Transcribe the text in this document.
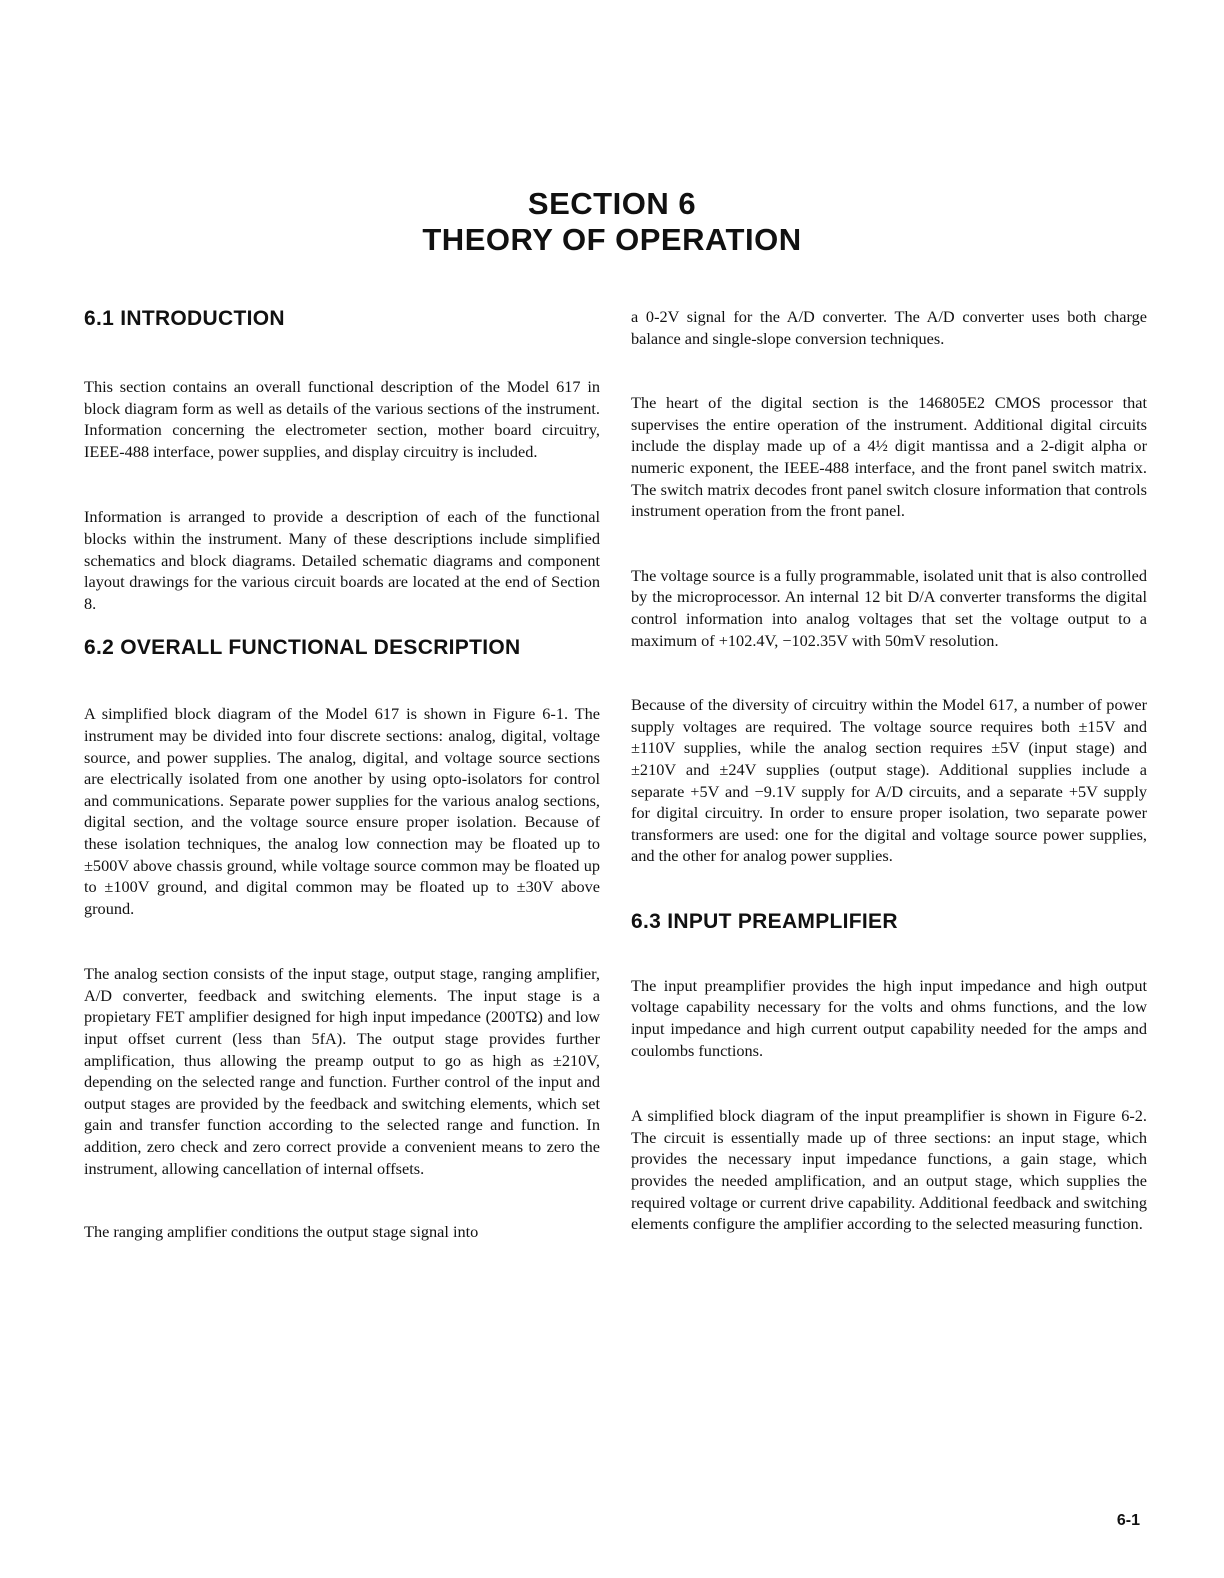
SECTION 6
THEORY OF OPERATION
6.1 INTRODUCTION

This section contains an overall functional description of the Model 617 in block diagram form as well as details of the various sections of the instrument. Information concerning the electrometer section, mother board circuitry, IEEE-488 interface, power supplies, and display circuitry is included.

Information is arranged to provide a description of each of the functional blocks within the instrument. Many of these descriptions include simplified schematics and block diagrams. Detailed schematic diagrams and component layout drawings for the various circuit boards are located at the end of Section 8.

6.2 OVERALL FUNCTIONAL DESCRIPTION

A simplified block diagram of the Model 617 is shown in Figure 6-1. The instrument may be divided into four discrete sections: analog, digital, voltage source, and power supplies. The analog, digital, and voltage source sections are electrically isolated from one another by using opto-isolators for control and communications. Separate power supplies for the various analog sections, digital section, and the voltage source ensure proper isolation. Because of these isolation techniques, the analog low connection may be floated up to ±500V above chassis ground, while voltage source common may be floated up to ±100V ground, and digital common may be floated up to ±30V above ground.

The analog section consists of the input stage, output stage, ranging amplifier, A/D converter, feedback and switching elements. The input stage is a propietary FET amplifier designed for high input impedance (200TΩ) and low input offset current (less than 5fA). The output stage provides further amplification, thus allowing the preamp output to go as high as ±210V, depending on the selected range and function. Further control of the input and output stages are provided by the feedback and switching elements, which set gain and transfer function according to the selected range and function. In addition, zero check and zero correct provide a convenient means to zero the instrument, allowing cancellation of internal offsets.

The ranging amplifier conditions the output stage signal into

a 0-2V signal for the A/D converter. The A/D converter uses both charge balance and single-slope conversion techniques.

The heart of the digital section is the 146805E2 CMOS processor that supervises the entire operation of the instrument. Additional digital circuits include the display made up of a 4½ digit mantissa and a 2-digit alpha or numeric exponent, the IEEE-488 interface, and the front panel switch matrix. The switch matrix decodes front panel switch closure information that controls instrument operation from the front panel.

The voltage source is a fully programmable, isolated unit that is also controlled by the microprocessor. An internal 12 bit D/A converter transforms the digital control information into analog voltages that set the voltage output to a maximum of +102.4V, −102.35V with 50mV resolution.

Because of the diversity of circuitry within the Model 617, a number of power supply voltages are required. The voltage source requires both ±15V and ±110V supplies, while the analog section requires ±5V (input stage) and ±210V and ±24V supplies (output stage). Additional supplies include a separate +5V and −9.1V supply for A/D circuits, and a separate +5V supply for digital circuitry. In order to ensure proper isolation, two separate power transformers are used: one for the digital and voltage source power supplies, and the other for analog power supplies.

6.3 INPUT PREAMPLIFIER

The input preamplifier provides the high input impedance and high output voltage capability necessary for the volts and ohms functions, and the low input impedance and high current output capability needed for the amps and coulombs functions.

A simplified block diagram of the input preamplifier is shown in Figure 6-2. The circuit is essentially made up of three sections: an input stage, which provides the necessary input impedance functions, a gain stage, which provides the needed amplification, and an output stage, which supplies the required voltage or current drive capability. Additional feedback and switching elements configure the amplifier according to the selected measuring function.

6-1
